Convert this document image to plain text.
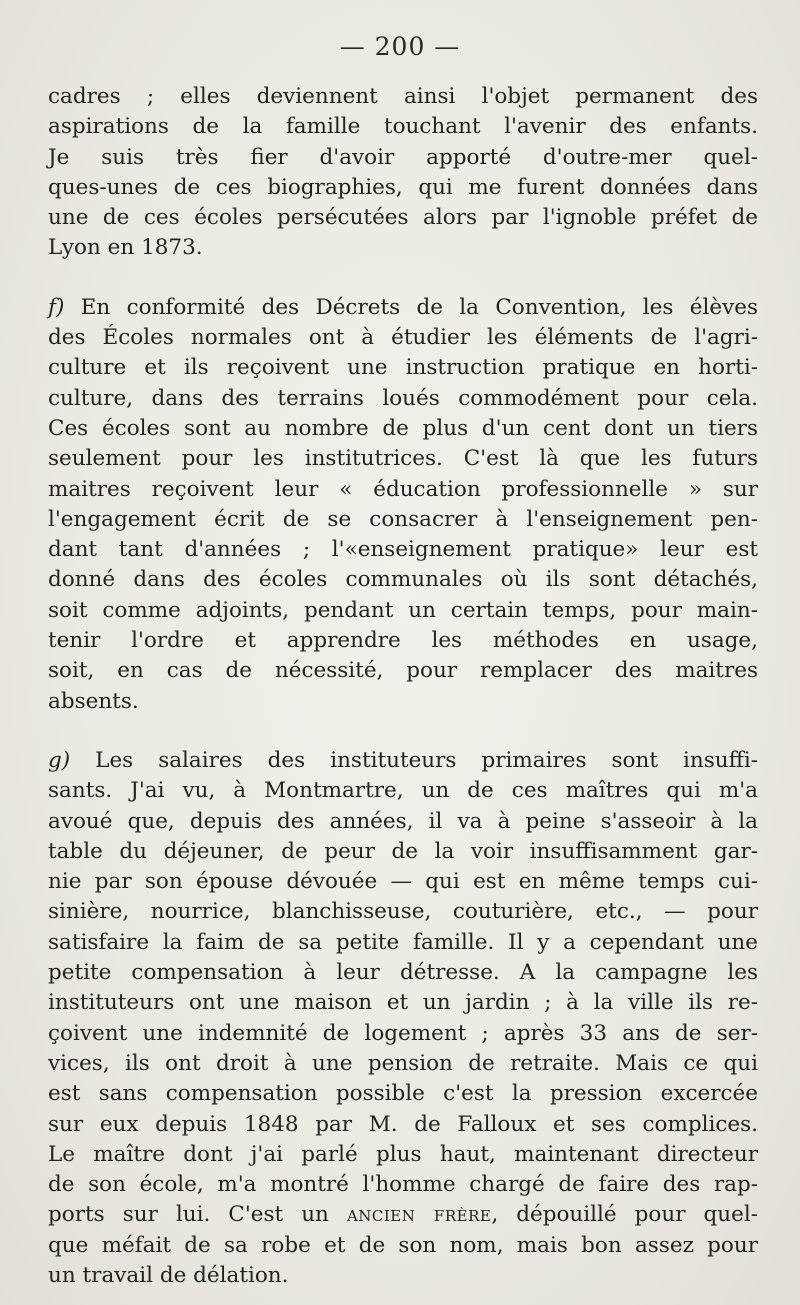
— 200 —
cadres ; elles deviennent ainsi l'objet permanent des
aspirations de la famille touchant l'avenir des enfants.
Je suis très fier d'avoir apporté d'outre-mer quel-
ques-unes de ces biographies, qui me furent données dans
une de ces écoles persécutées alors par l'ignoble préfet de
Lyon en 1873.
f) En conformité des Décrets de la Convention, les élèves
des Écoles normales ont à étudier les éléments de l'agri-
culture et ils reçoivent une instruction pratique en horti-
culture, dans des terrains loués commodément pour cela.
Ces écoles sont au nombre de plus d'un cent dont un tiers
seulement pour les institutrices. C'est là que les futurs
maitres reçoivent leur « éducation professionnelle » sur
l'engagement écrit de se consacrer à l'enseignement pen-
dant tant d'années ; l'«enseignement pratique» leur est
donné dans des écoles communales où ils sont détachés,
soit comme adjoints, pendant un certain temps, pour main-
tenir l'ordre et apprendre les méthodes en usage,
soit, en cas de nécessité, pour remplacer des maitres
absents.
g) Les salaires des instituteurs primaires sont insuffi-
sants. J'ai vu, à Montmartre, un de ces maîtres qui m'a
avoué que, depuis des années, il va à peine s'asseoir à la
table du déjeuner, de peur de la voir insuffisamment gar-
nie par son épouse dévouée — qui est en même temps cui-
sinière, nourrice, blanchisseuse, couturière, etc., — pour
satisfaire la faim de sa petite famille. Il y a cependant une
petite compensation à leur détresse. A la campagne les
instituteurs ont une maison et un jardin ; à la ville ils re-
çoivent une indemnité de logement ; après 33 ans de ser-
vices, ils ont droit à une pension de retraite. Mais ce qui
est sans compensation possible c'est la pression excercée
sur eux depuis 1848 par M. de Falloux et ses complices.
Le maître dont j'ai parlé plus haut, maintenant directeur
de son école, m'a montré l'homme chargé de faire des rap-
ports sur lui. C'est un ancien frère, dépouillé pour quel-
que méfait de sa robe et de son nom, mais bon assez pour
un travail de délation.
